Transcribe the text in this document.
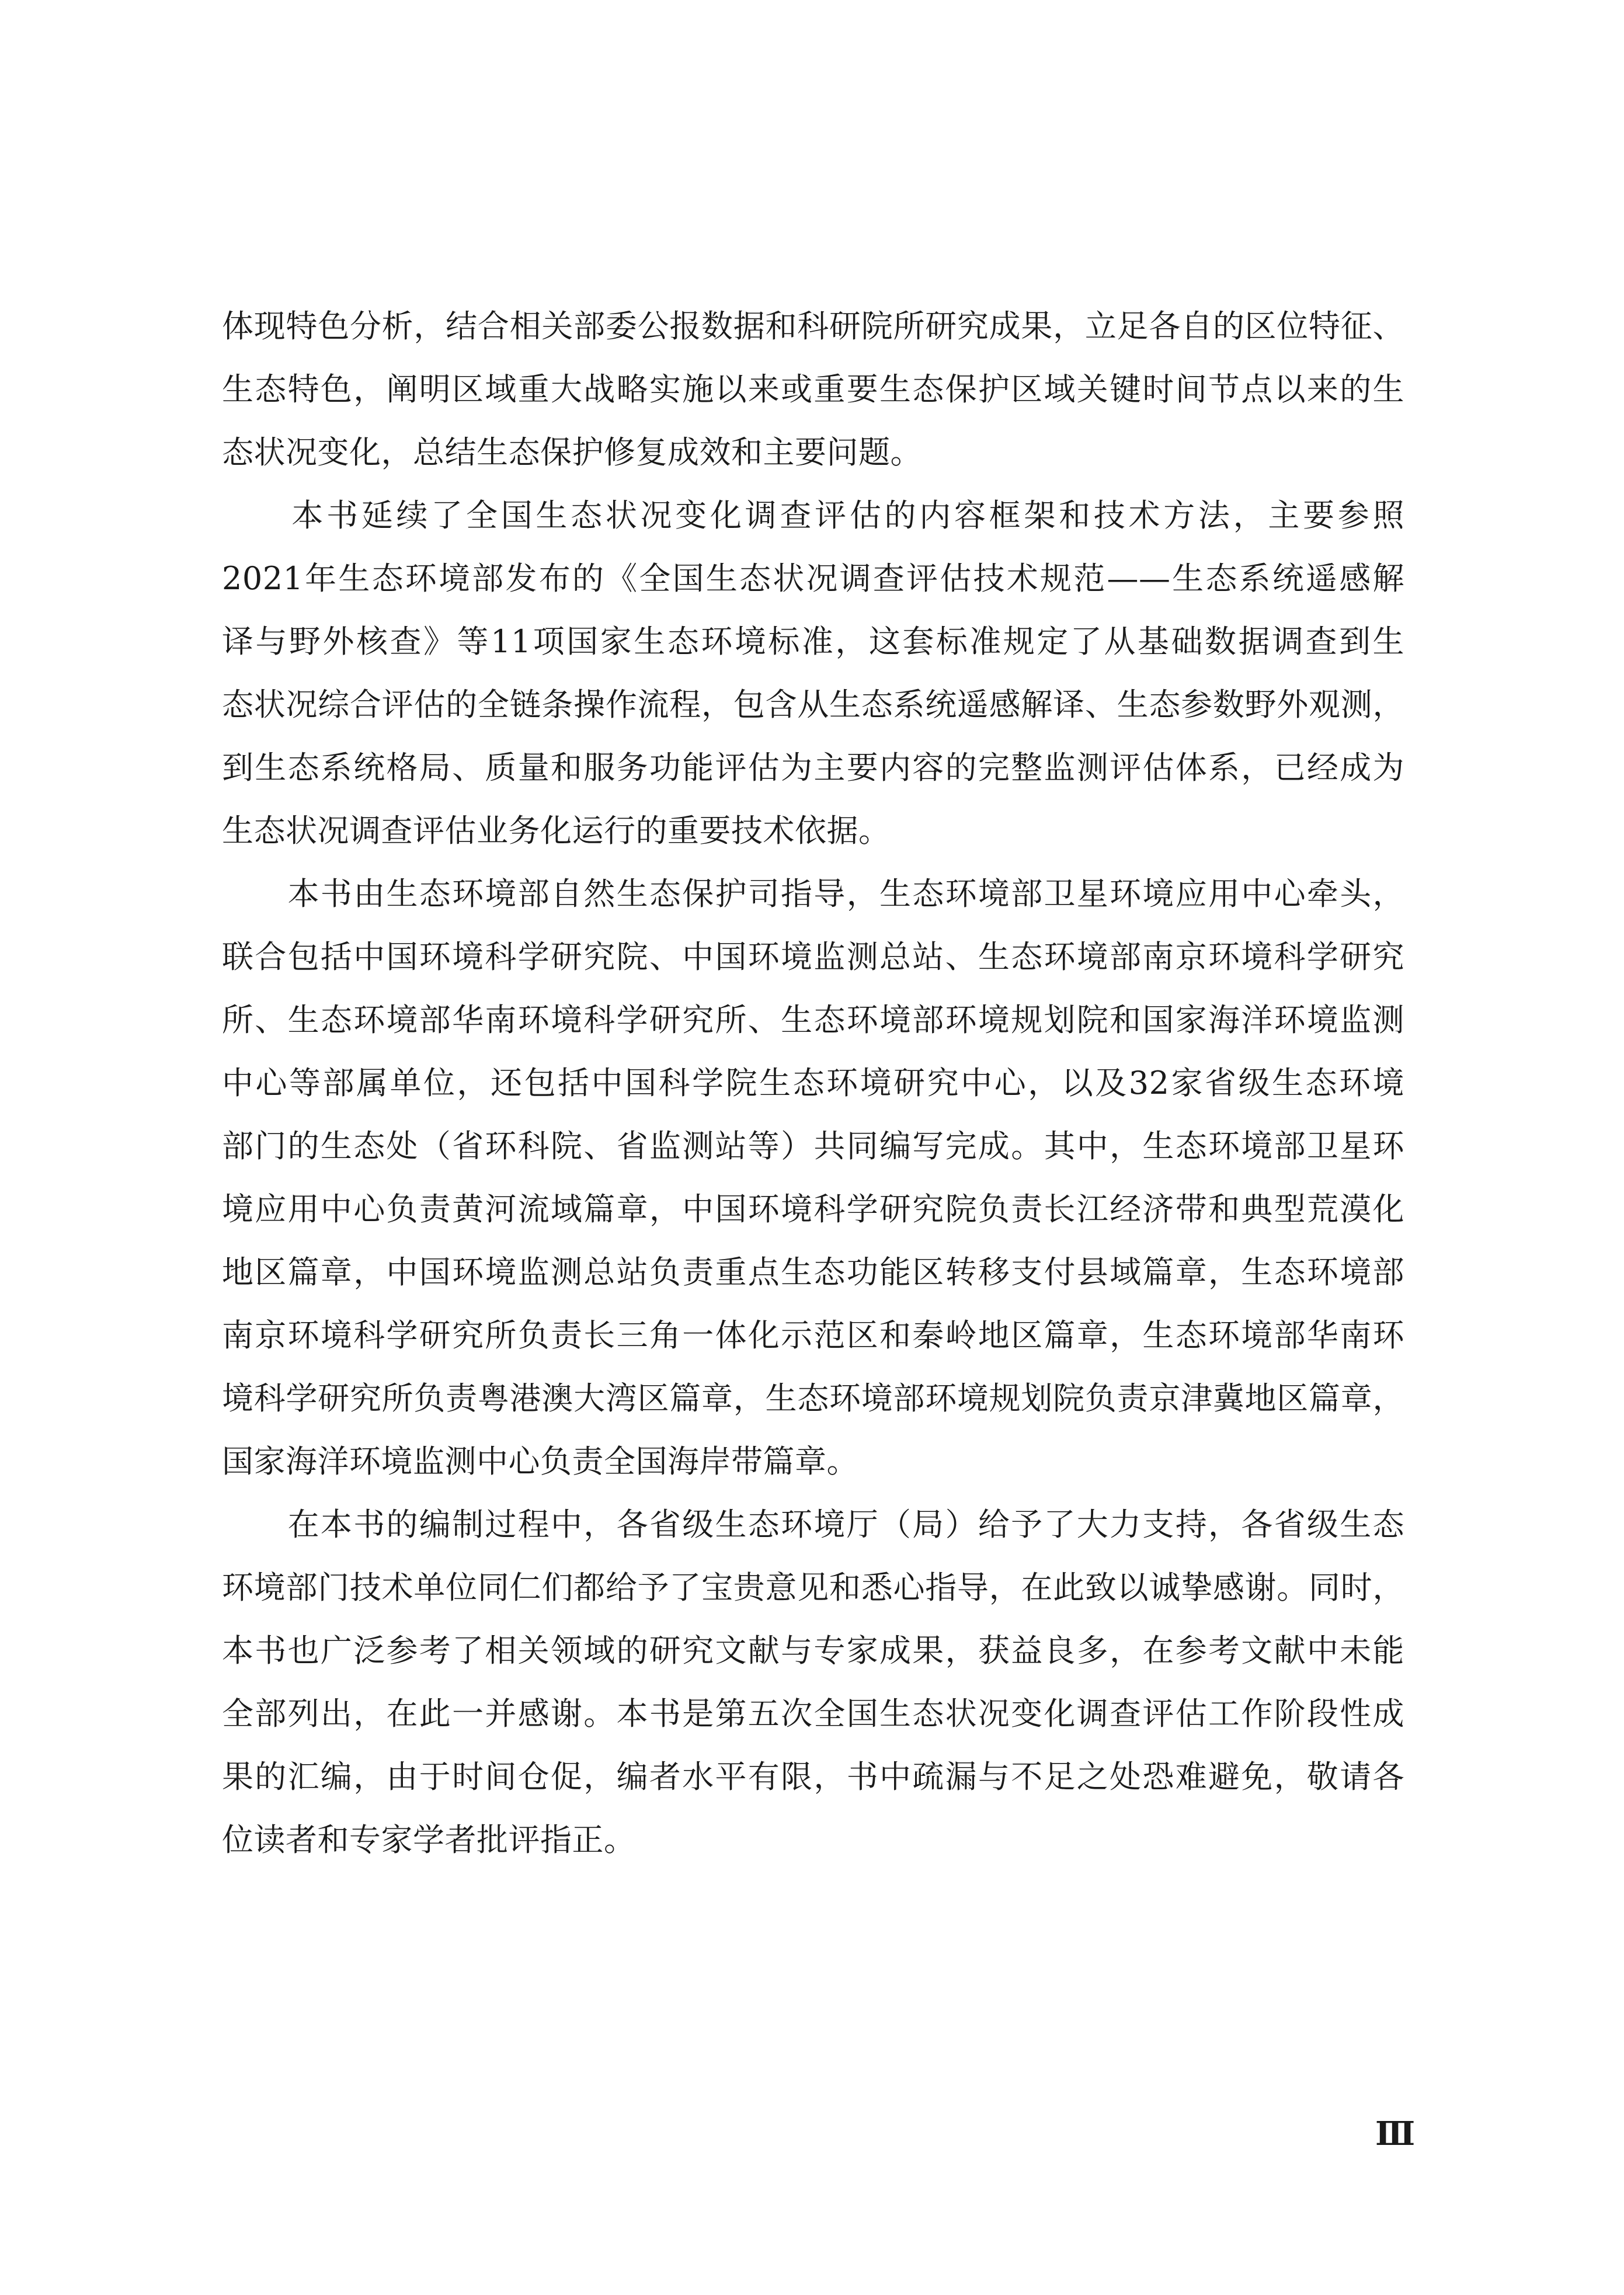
体现特色分析，结合相关部委公报数据和科研院所研究成果，立足各自的区位特征、
生态特色，阐明区域重大战略实施以来或重要生态保护区域关键时间节点以来的生
态状况变化，总结生态保护修复成效和主要问题。
　　本书延续了全国生态状况变化调查评估的内容框架和技术方法，主要参照
2021年生态环境部发布的《全国生态状况调查评估技术规范——生态系统遥感解
译与野外核查》等11项国家生态环境标准，这套标准规定了从基础数据调查到生
态状况综合评估的全链条操作流程，包含从生态系统遥感解译、生态参数野外观测，
到生态系统格局、质量和服务功能评估为主要内容的完整监测评估体系，已经成为
生态状况调查评估业务化运行的重要技术依据。
　　本书由生态环境部自然生态保护司指导，生态环境部卫星环境应用中心牵头，
联合包括中国环境科学研究院、中国环境监测总站、生态环境部南京环境科学研究
所、生态环境部华南环境科学研究所、生态环境部环境规划院和国家海洋环境监测
中心等部属单位，还包括中国科学院生态环境研究中心，以及32家省级生态环境
部门的生态处（省环科院、省监测站等）共同编写完成。其中，生态环境部卫星环
境应用中心负责黄河流域篇章，中国环境科学研究院负责长江经济带和典型荒漠化
地区篇章，中国环境监测总站负责重点生态功能区转移支付县域篇章，生态环境部
南京环境科学研究所负责长三角一体化示范区和秦岭地区篇章，生态环境部华南环
境科学研究所负责粤港澳大湾区篇章，生态环境部环境规划院负责京津冀地区篇章，
国家海洋环境监测中心负责全国海岸带篇章。
　　在本书的编制过程中，各省级生态环境厅（局）给予了大力支持，各省级生态
环境部门技术单位同仁们都给予了宝贵意见和悉心指导，在此致以诚挚感谢。同时，
本书也广泛参考了相关领域的研究文献与专家成果，获益良多，在参考文献中未能
全部列出，在此一并感谢。本书是第五次全国生态状况变化调查评估工作阶段性成
果的汇编，由于时间仓促，编者水平有限，书中疏漏与不足之处恐难避免，敬请各
位读者和专家学者批评指正。
Ⅲ
